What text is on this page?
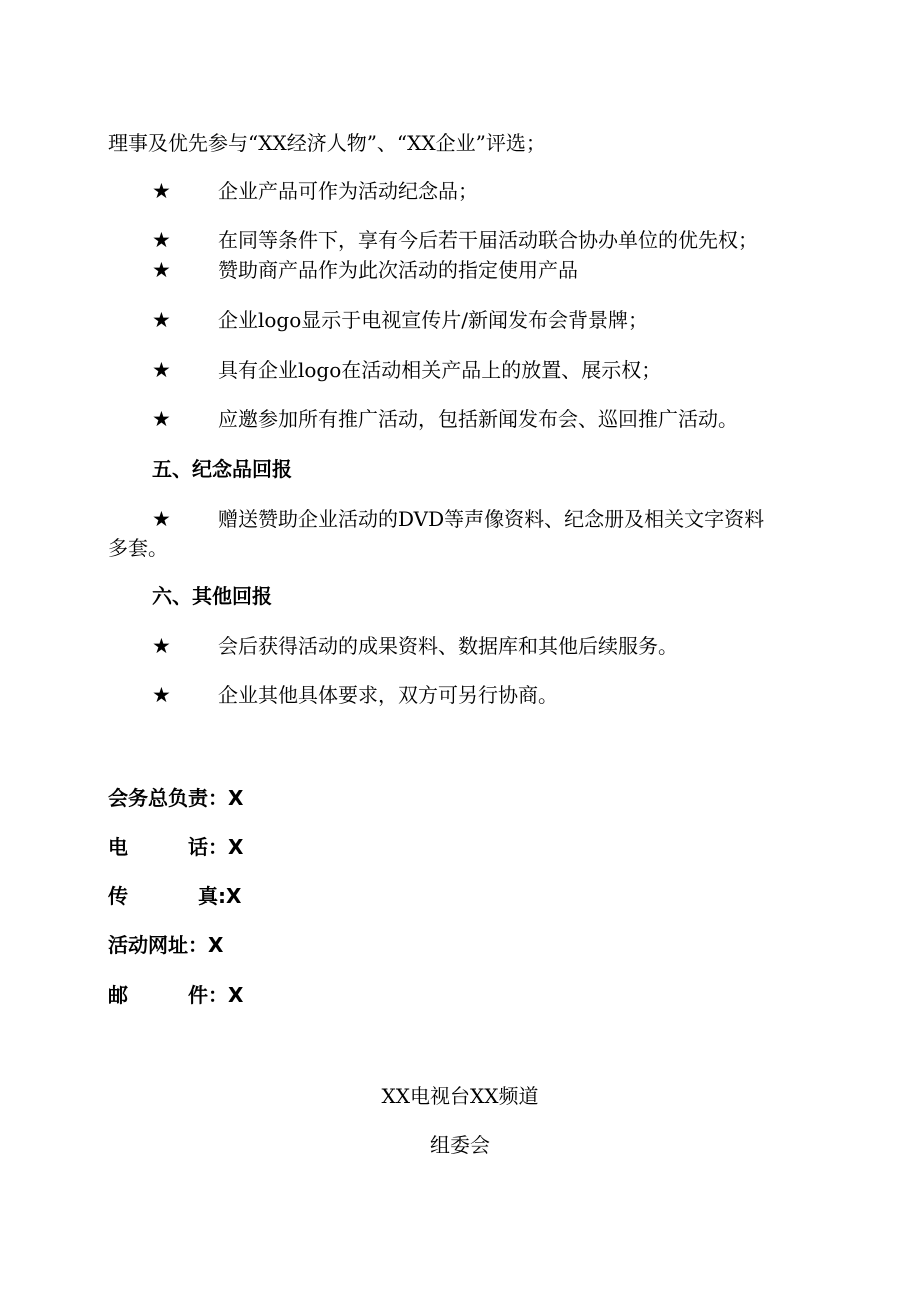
理事及优先参与“XX经济人物”、“XX企业”评选；
★	企业产品可作为活动纪念品；
★	在同等条件下，享有今后若干届活动联合协办单位的优先权；
★	赞助商产品作为此次活动的指定使用产品
★	企业logo显示于电视宣传片/新闻发布会背景牌；
★	具有企业logo在活动相关产品上的放置、展示权；
★	应邀参加所有推广活动，包括新闻发布会、巡回推广活动。
五、纪念品回报
★	赠送赞助企业活动的DVD等声像资料、纪念册及相关文字资料
多套。
六、其他回报
★	会后获得活动的成果资料、数据库和其他后续服务。
★	企业其他具体要求，双方可另行协商。
会务总负责：X
电	话：X
传	真:X
活动网址：X
邮	件：X
XX电视台XX频道
组委会
